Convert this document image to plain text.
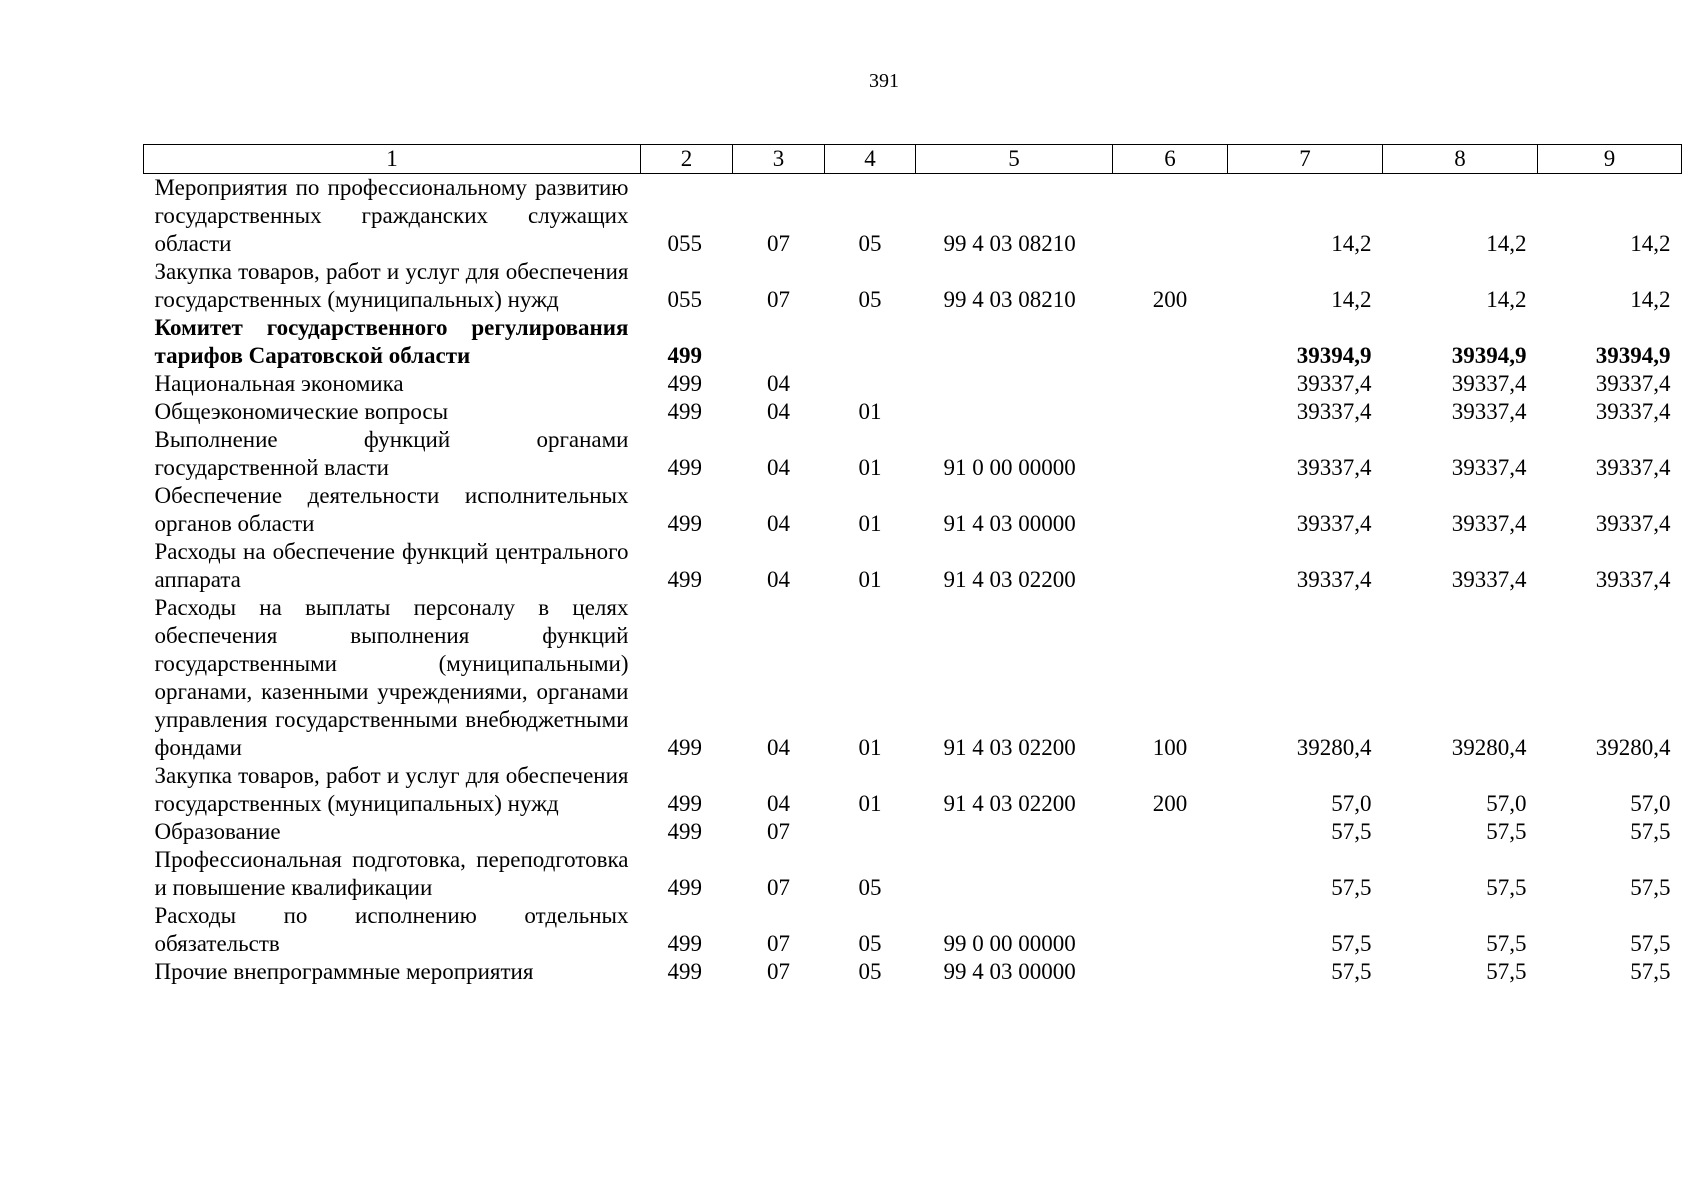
391
1	2	3	4	5	6	7	8	9
Мероприятия по профессиональному развитию государственных гражданских служащих области	055	07	05	99 4 03 08210		14,2	14,2	14,2
Закупка товаров, работ и услуг для обеспечения государственных (муниципальных) нужд	055	07	05	99 4 03 08210	200	14,2	14,2	14,2
Комитет государственного регулирования тарифов Саратовской области	499					39394,9	39394,9	39394,9
Национальная экономика	499	04				39337,4	39337,4	39337,4
Общеэкономические вопросы	499	04	01			39337,4	39337,4	39337,4
Выполнение функций органами государственной власти	499	04	01	91 0 00 00000		39337,4	39337,4	39337,4
Обеспечение деятельности исполнительных органов области	499	04	01	91 4 03 00000		39337,4	39337,4	39337,4
Расходы на обеспечение функций центрального аппарата	499	04	01	91 4 03 02200		39337,4	39337,4	39337,4
Расходы на выплаты персоналу в целях обеспечения выполнения функций государственными (муниципальными) органами, казенными учреждениями, органами управления государственными внебюджетными фондами	499	04	01	91 4 03 02200	100	39280,4	39280,4	39280,4
Закупка товаров, работ и услуг для обеспечения государственных (муниципальных) нужд	499	04	01	91 4 03 02200	200	57,0	57,0	57,0
Образование	499	07				57,5	57,5	57,5
Профессиональная подготовка, переподготовка и повышение квалификации	499	07	05			57,5	57,5	57,5
Расходы по исполнению отдельных обязательств	499	07	05	99 0 00 00000		57,5	57,5	57,5
Прочие внепрограммные мероприятия	499	07	05	99 4 03 00000		57,5	57,5	57,5
